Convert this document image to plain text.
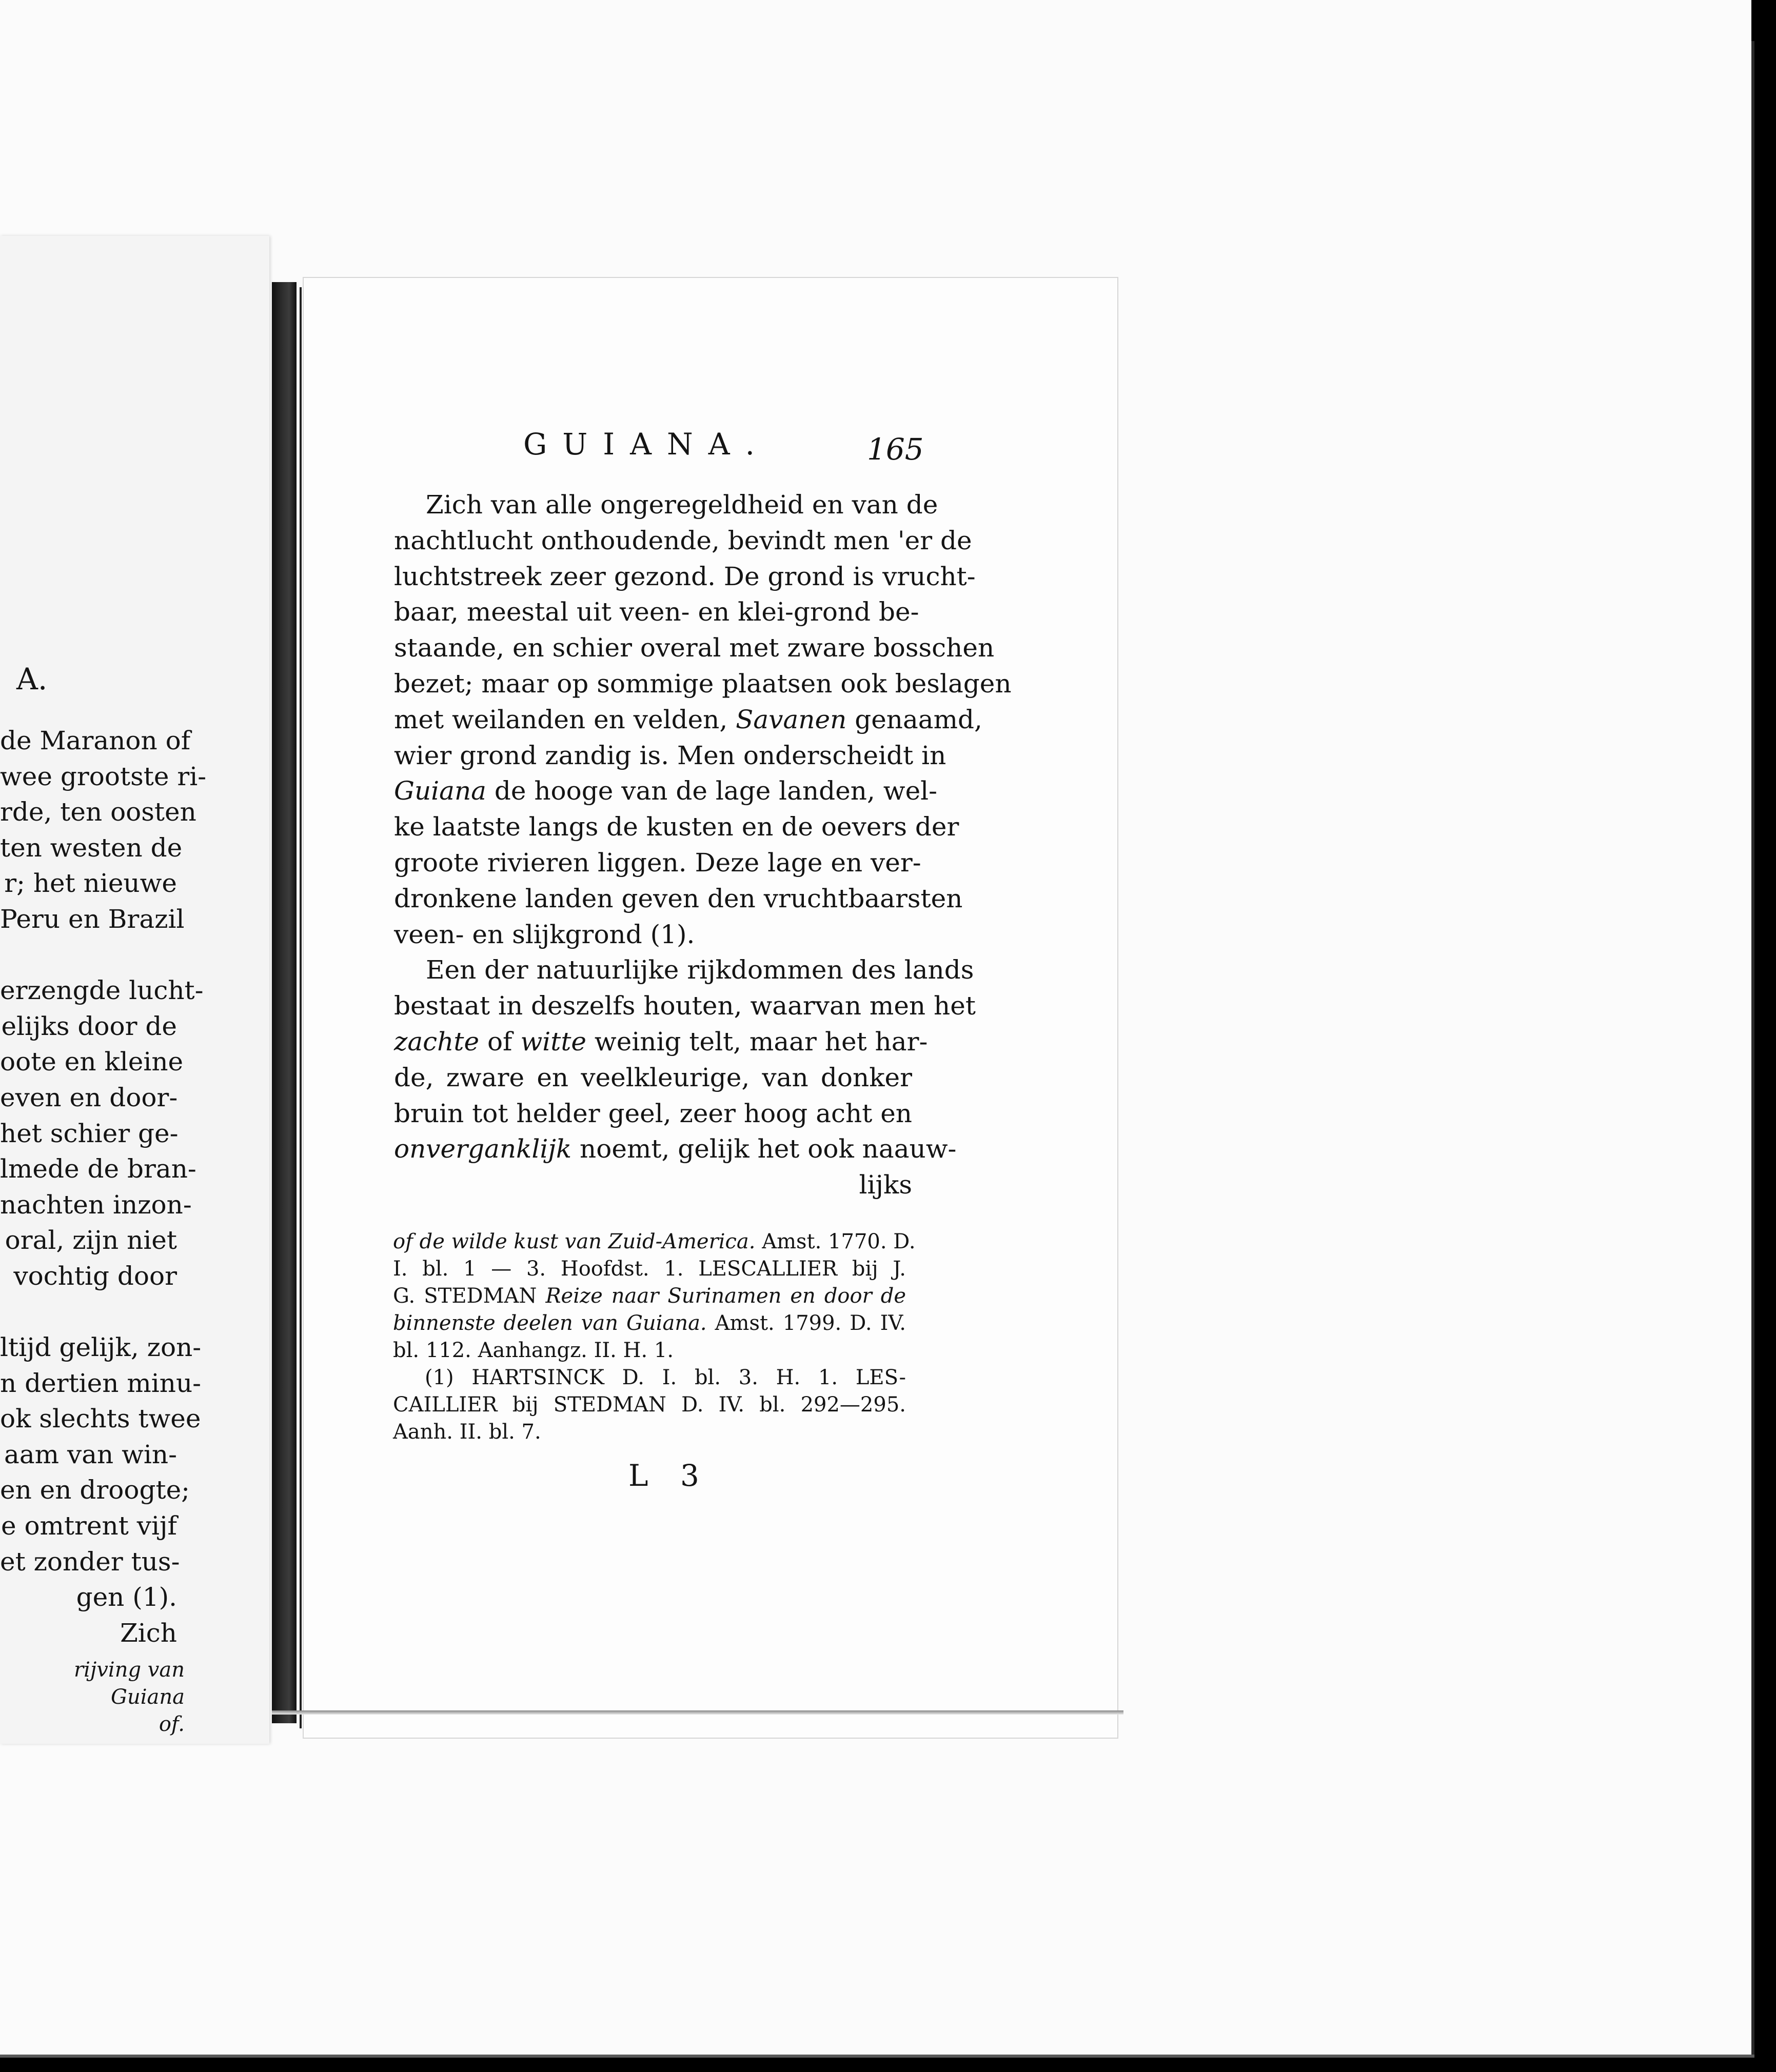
A.
de Maranon of
wee grootste ri-
rde, ten oosten
ten westen de
r; het nieuwe
Peru en Brazil

erzengde lucht-
elijks door de
oote en kleine
even en door-
het schier ge-
lmede de bran-
nachten inzon-
oral, zijn niet
vochtig door

ltijd gelijk, zon-
n dertien minu-
ok slechts twee
aam van win-
en en droogte;
e omtrent vijf
et zonder tus-
gen (1).
Zich
rijving van Guiana
of.
GUIANA.	165
Zich van alle ongeregeldheid en van de
nachtlucht onthoudende, bevindt men 'er de
luchtstreek zeer gezond. De grond is vrucht-
baar, meestal uit veen- en klei-grond be-
staande, en schier overal met zware bosschen
bezet; maar op sommige plaatsen ook beslagen
met weilanden en velden, Savanen genaamd,
wier grond zandig is. Men onderscheidt in
Guiana de hooge van de lage landen, wel-
ke laatste langs de kusten en de oevers der
groote rivieren liggen. Deze lage en ver-
dronkene landen geven den vruchtbaarsten
veen- en slijkgrond (1).
Een der natuurlijke rijkdommen des lands
bestaat in deszelfs houten, waarvan men het
zachte of witte weinig telt, maar het har-
de, zware en veelkleurige, van donker
bruin tot helder geel, zeer hoog acht en
onverganklijk noemt, gelijk het ook naauw-
lijks
of de wilde kust van Zuid-America. Amst. 1770. D.
I. bl. 1 — 3. Hoofdst. 1. LESCALLIER bij J.
G. STEDMAN Reize naar Surinamen en door de
binnenste deelen van Guiana. Amst. 1799. D. IV.
bl. 112. Aanhangz. II. H. 1.
(1) HARTSINCK D. I. bl. 3. H. 1. LES-
CAILLIER bij STEDMAN D. IV. bl. 292—295.
Aanh. II. bl. 7.
L 3
